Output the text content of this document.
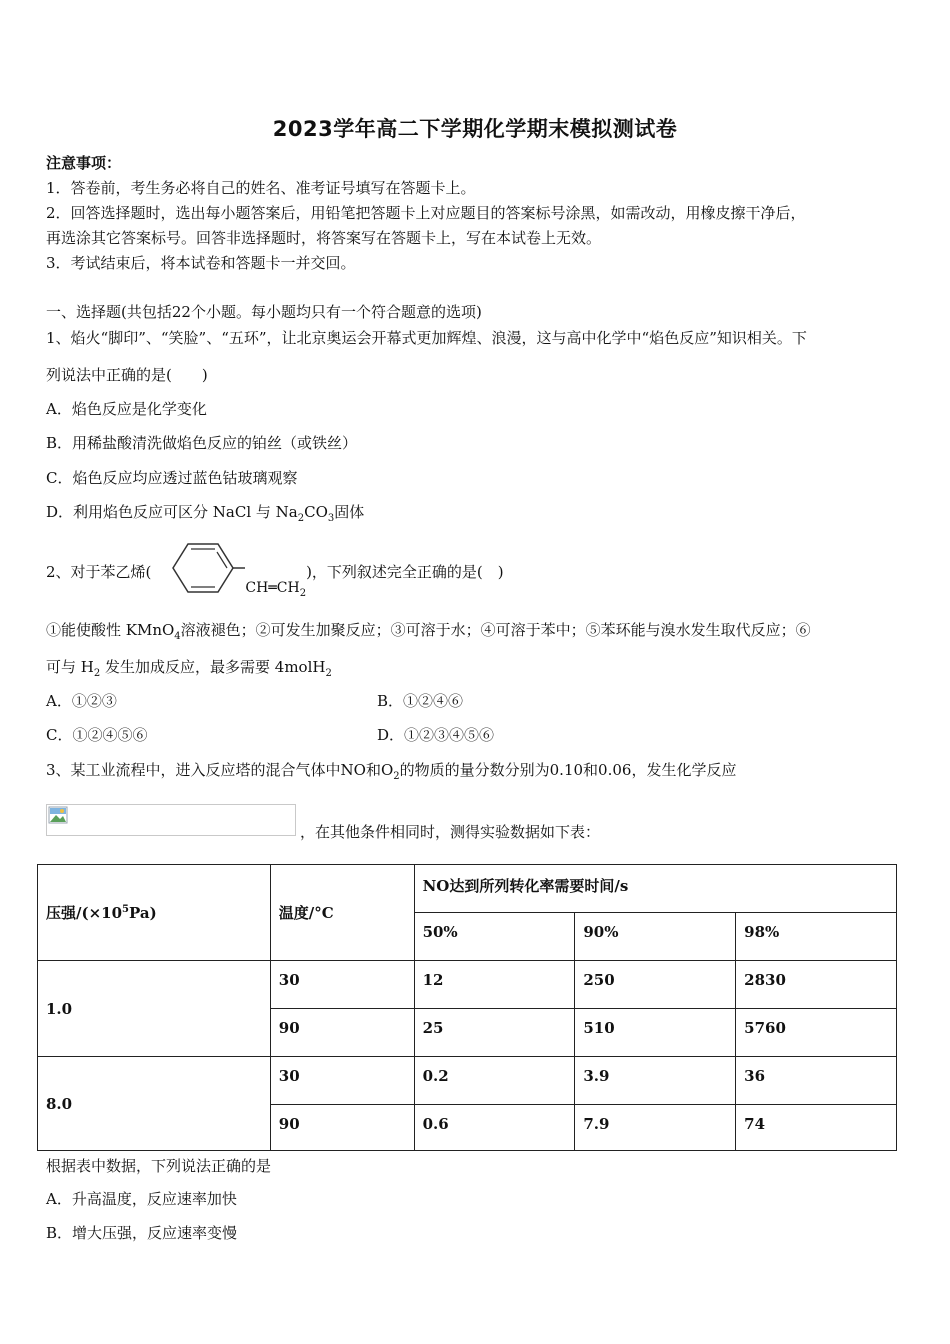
2023学年高二下学期化学期末模拟测试卷
注意事项：
1．答卷前，考生务必将自己的姓名、准考证号填写在答题卡上。
2．回答选择题时，选出每小题答案后，用铅笔把答题卡上对应题目的答案标号涂黑，如需改动，用橡皮擦干净后，
再选涂其它答案标号。回答非选择题时，将答案写在答题卡上，写在本试卷上无效。
3．考试结束后，将本试卷和答题卡一并交回。
一、选择题(共包括22个小题。每小题均只有一个符合题意的选项)
1、焰火“脚印”、“笑脸”、“五环”，让北京奥运会开幕式更加辉煌、浪漫，这与高中化学中“焰色反应”知识相关。下
列说法中正确的是(　　)
A．焰色反应是化学变化
B．用稀盐酸清洗做焰色反应的铂丝（或铁丝）
C．焰色反应均应透过蓝色钴玻璃观察
D．利用焰色反应可区分 NaCl 与 $Na_2CO_3$固体
2、对于苯乙烯$(CH═CH_2)$，下列叙述完全正确的是(　)
①能使酸性 KMnO$_4$溶液褪色；②可发生加聚反应；③可溶于水；④可溶于苯中；⑤苯环能与溴水发生取代反应；⑥
可与 $H_2$ 发生加成反应，最多需要 4molH$_2$
A．①②③	B．①②④⑥
C．①②④⑤⑥	D．①②③④⑤⑥
3、某工业流程中，进入反应塔的混合气体中NO和$O_2$的物质的量分数分别为0.10和0.06，发生化学反应
，在其他条件相同时，测得实验数据如下表：
压强$/(\times 10^5Pa)$	温度/°C	NO达到所列转化率需要时间/s		
		50%	90%	98%
1.0	30	12	250	2830
	90	25	510	5760
8.0	30	0.2	3.9	36
	90	0.6	7.9	74
根据表中数据，下列说法正确的是
A．升高温度，反应速率加快
B．增大压强，反应速率变慢
